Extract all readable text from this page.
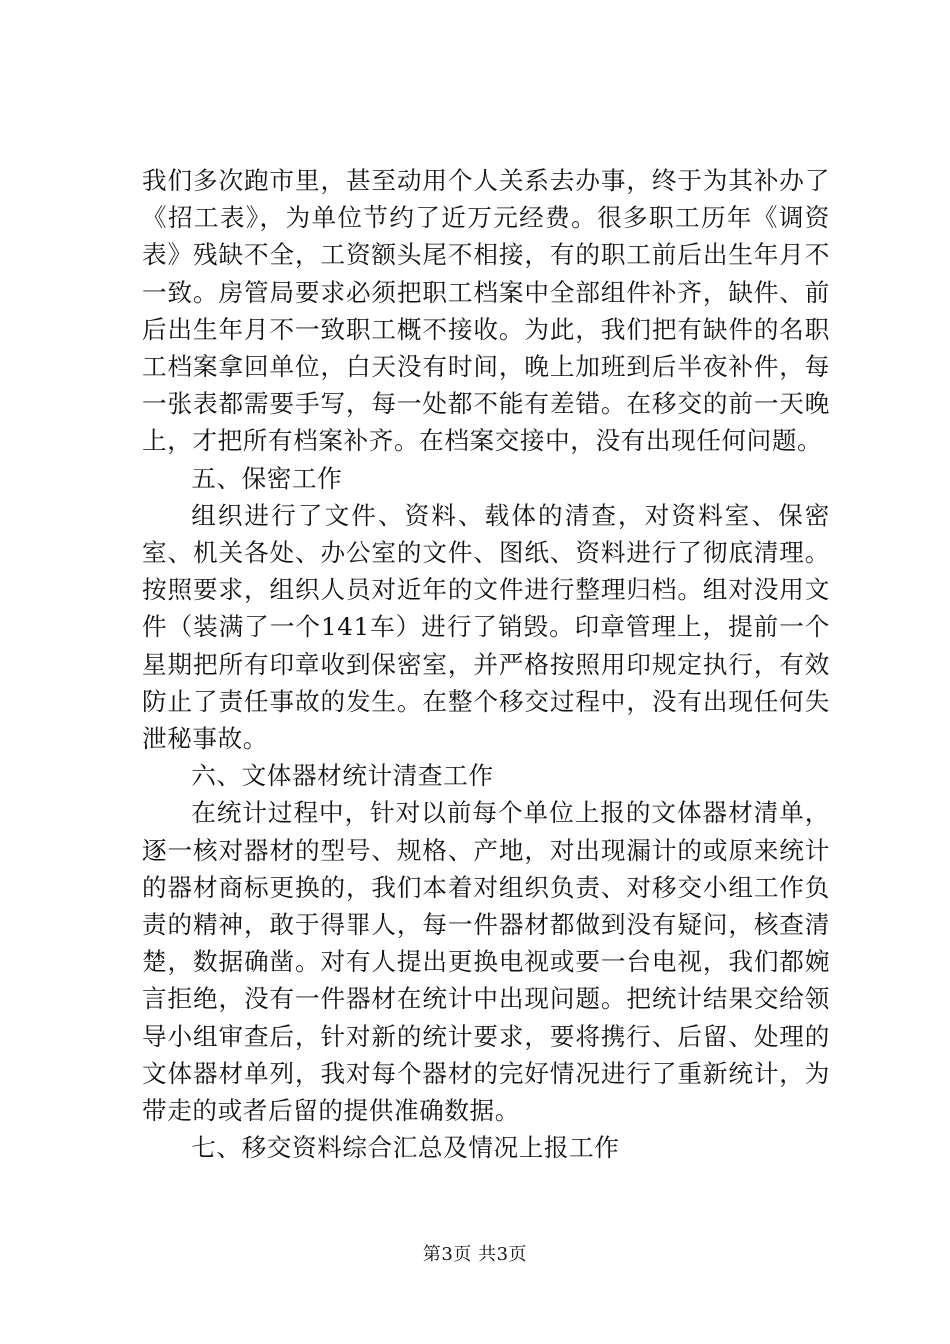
我们多次跑市里，甚至动用个人关系去办事，终于为其补办了《招工表》，为单位节约了近万元经费。很多职工历年《调资表》残缺不全，工资额头尾不相接，有的职工前后出生年月不一致。房管局要求必须把职工档案中全部组件补齐，缺件、前后出生年月不一致职工概不接收。为此，我们把有缺件的名职工档案拿回单位，白天没有时间，晚上加班到后半夜补件，每一张表都需要手写，每一处都不能有差错。在移交的前一天晚上，才把所有档案补齐。在档案交接中，没有出现任何问题。

五、保密工作

组织进行了文件、资料、载体的清查，对资料室、保密室、机关各处、办公室的文件、图纸、资料进行了彻底清理。按照要求，组织人员对近年的文件进行整理归档。组对没用文件（装满了一个141车）进行了销毁。印章管理上，提前一个星期把所有印章收到保密室，并严格按照用印规定执行，有效防止了责任事故的发生。在整个移交过程中，没有出现任何失泄秘事故。

六、文体器材统计清查工作

在统计过程中，针对以前每个单位上报的文体器材清单，逐一核对器材的型号、规格、产地，对出现漏计的或原来统计的器材商标更换的，我们本着对组织负责、对移交小组工作负责的精神，敢于得罪人，每一件器材都做到没有疑问，核查清楚，数据确凿。对有人提出更换电视或要一台电视，我们都婉言拒绝，没有一件器材在统计中出现问题。把统计结果交给领导小组审查后，针对新的统计要求，要将携行、后留、处理的文体器材单列，我对每个器材的完好情况进行了重新统计，为带走的或者后留的提供准确数据。

七、移交资料综合汇总及情况上报工作

第3页 共3页
